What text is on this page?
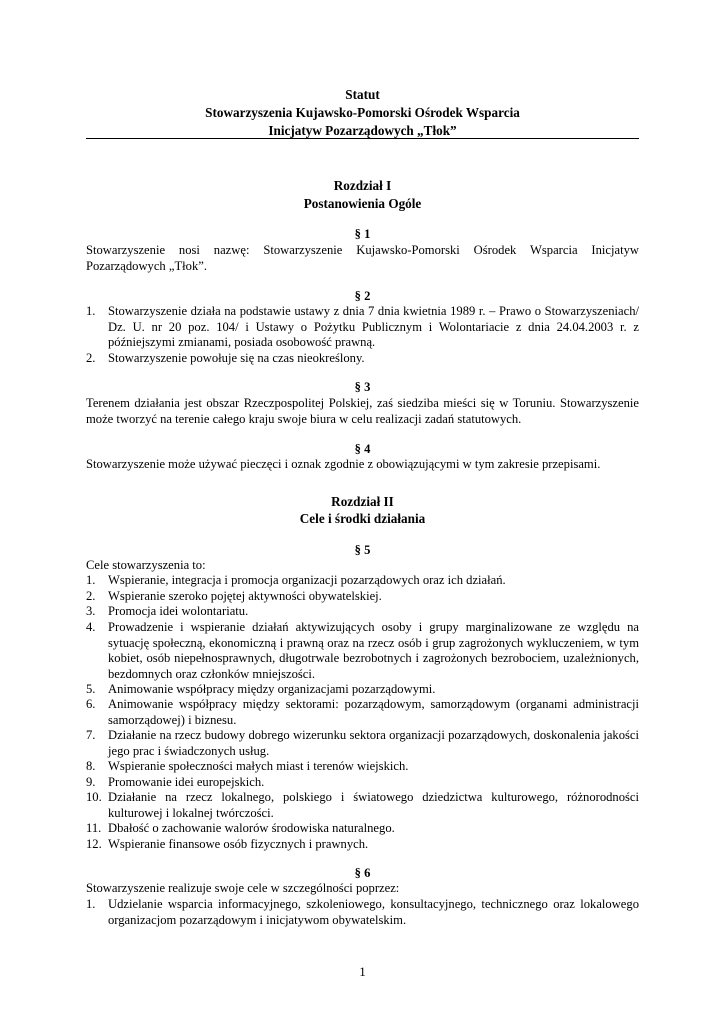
Statut
Stowarzyszenia Kujawsko-Pomorski Ośrodek Wsparcia
Inicjatyw Pozarządowych „Tłok”
Rozdział I
Postanowienia Ogóle
§ 1
Stowarzyszenie nosi nazwę: Stowarzyszenie Kujawsko-Pomorski Ośrodek Wsparcia Inicjatyw Pozarządowych „Tłok”.
§ 2
1. Stowarzyszenie działa na podstawie ustawy z dnia 7 dnia kwietnia 1989 r. – Prawo o Stowarzyszeniach/ Dz. U. nr 20 poz. 104/ i Ustawy o Pożytku Publicznym i Wolontariacie z dnia 24.04.2003 r. z późniejszymi zmianami, posiada osobowość prawną.
2. Stowarzyszenie powołuje się na czas nieokreślony.
§ 3
Terenem działania jest obszar Rzeczpospolitej Polskiej, zaś siedziba mieści się w Toruniu. Stowarzyszenie może tworzyć na terenie całego kraju swoje biura w celu realizacji zadań statutowych.
§ 4
Stowarzyszenie może używać pieczęci i oznak zgodnie z obowiązującymi w tym zakresie przepisami.
Rozdział II
Cele i środki działania
§ 5
Cele stowarzyszenia to:
1. Wspieranie, integracja i promocja organizacji pozarządowych oraz ich działań.
2. Wspieranie szeroko pojętej aktywności obywatelskiej.
3. Promocja idei wolontariatu.
4. Prowadzenie i wspieranie działań aktywizujących osoby i grupy marginalizowane ze względu na sytuację społeczną, ekonomiczną i prawną oraz na rzecz osób i grup zagrożonych wykluczeniem, w tym kobiet, osób niepełnosprawnych, długotrwale bezrobotnych i zagrożonych bezrobociem, uzależnionych, bezdomnych oraz członków mniejszości.
5. Animowanie współpracy między organizacjami pozarządowymi.
6. Animowanie współpracy między sektorami: pozarządowym, samorządowym (organami administracji samorządowej) i biznesu.
7. Działanie na rzecz budowy dobrego wizerunku sektora organizacji pozarządowych, doskonalenia jakości jego prac i świadczonych usług.
8. Wspieranie społeczności małych miast i terenów wiejskich.
9. Promowanie idei europejskich.
10. Działanie na rzecz lokalnego, polskiego i światowego dziedzictwa kulturowego, różnorodności kulturowej i lokalnej twórczości.
11. Dbałość o zachowanie walorów środowiska naturalnego.
12. Wspieranie finansowe osób fizycznych i prawnych.
§ 6
Stowarzyszenie realizuje swoje cele w szczególności poprzez:
1. Udzielanie wsparcia informacyjnego, szkoleniowego, konsultacyjnego, technicznego oraz lokalowego organizacjom pozarządowym i inicjatywom obywatelskim.
1
